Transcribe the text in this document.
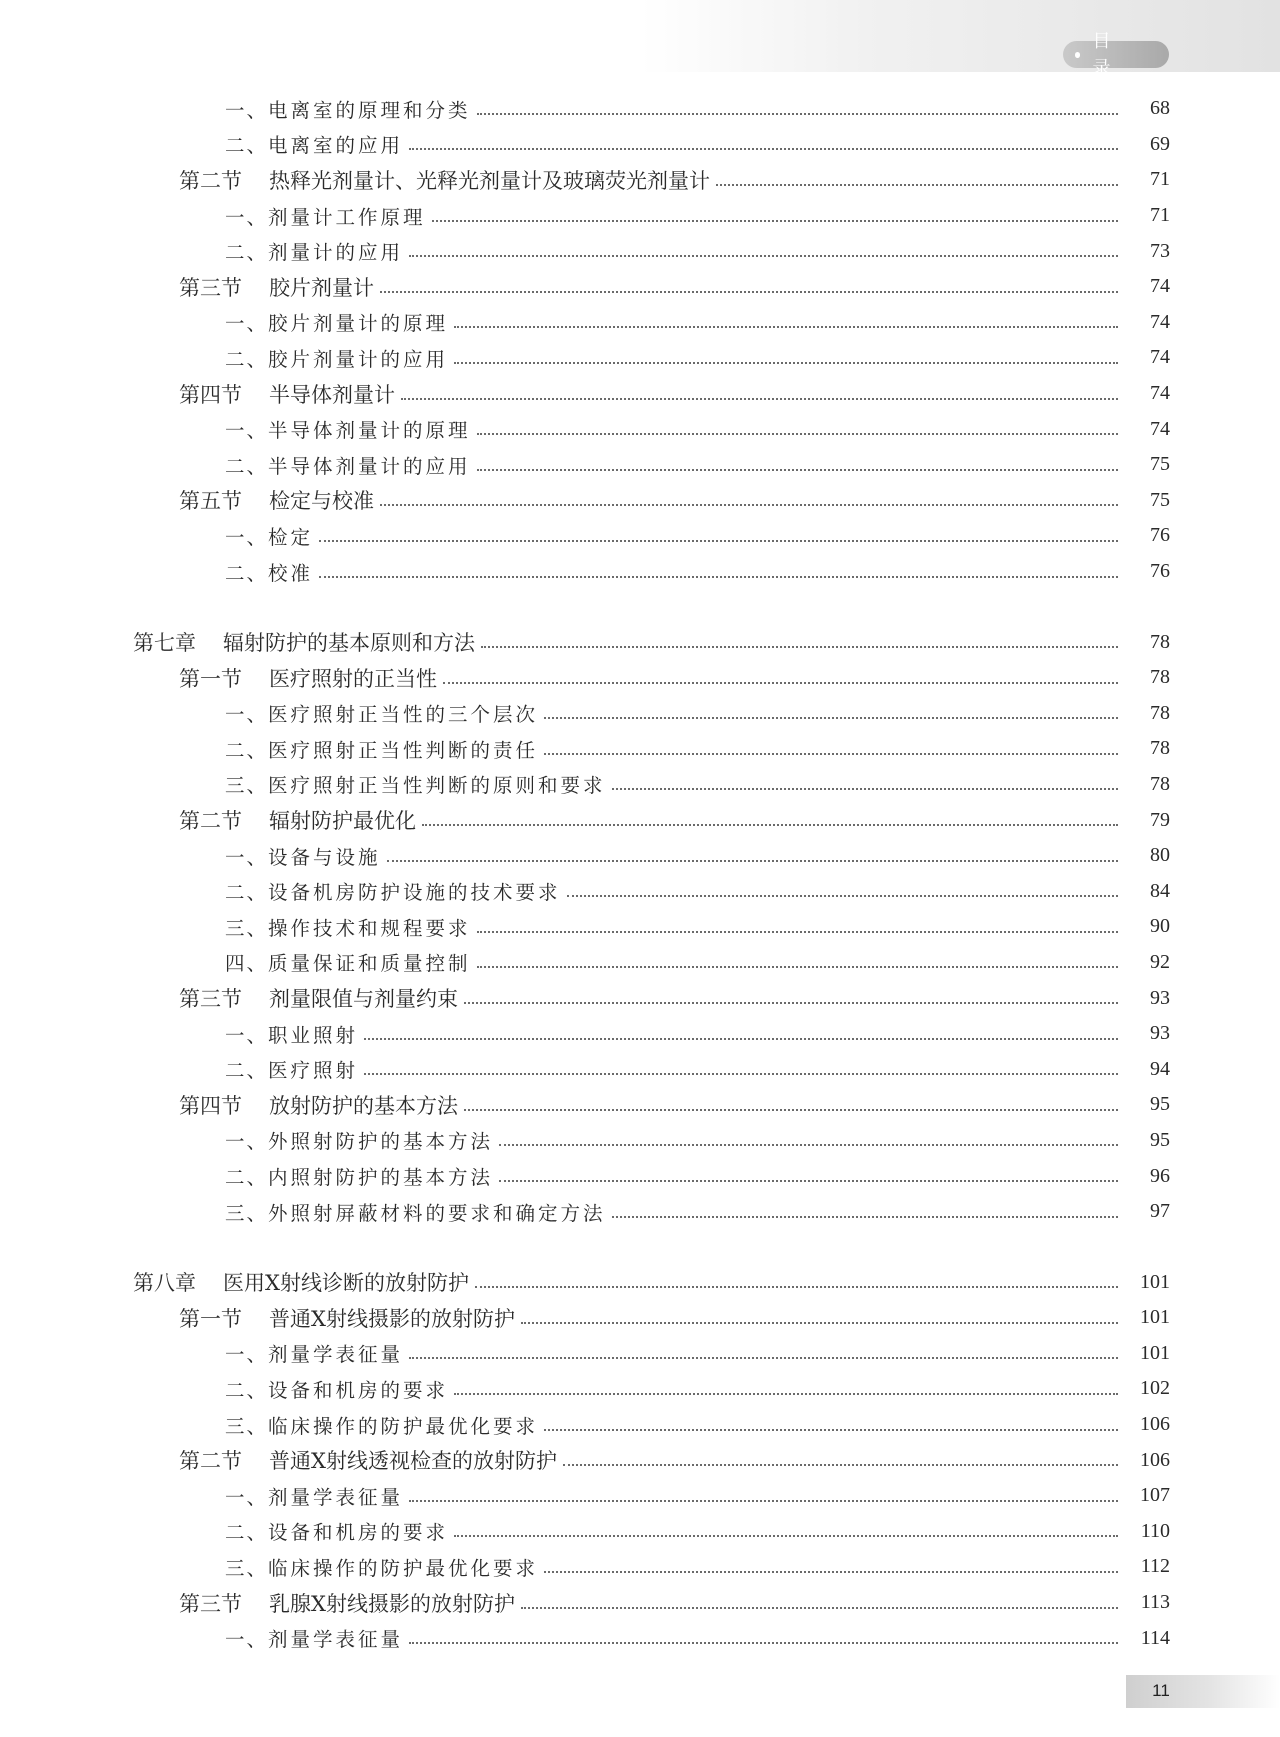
目 录
一、 电离室的原理和分类	68
二、 电离室的应用	69
第二节	热释光剂量计、光释光剂量计及玻璃荧光剂量计	71
一、 剂量计工作原理	71
二、 剂量计的应用	73
第三节	胶片剂量计	74
一、 胶片剂量计的原理	74
二、 胶片剂量计的应用	74
第四节	半导体剂量计	74
一、 半导体剂量计的原理	74
二、 半导体剂量计的应用	75
第五节	检定与校准	75
一、 检定	76
二、 校准	76
第七章	辐射防护的基本原则和方法	78
第一节	医疗照射的正当性	78
一、 医疗照射正当性的三个层次	78
二、 医疗照射正当性判断的责任	78
三、 医疗照射正当性判断的原则和要求	78
第二节	辐射防护最优化	79
一、 设备与设施	80
二、 设备机房防护设施的技术要求	84
三、 操作技术和规程要求	90
四、 质量保证和质量控制	92
第三节	剂量限值与剂量约束	93
一、 职业照射	93
二、 医疗照射	94
第四节	放射防护的基本方法	95
一、 外照射防护的基本方法	95
二、 内照射防护的基本方法	96
三、 外照射屏蔽材料的要求和确定方法	97
第八章	医用X射线诊断的放射防护	101
第一节	普通X射线摄影的放射防护	101
一、 剂量学表征量	101
二、 设备和机房的要求	102
三、 临床操作的防护最优化要求	106
第二节	普通X射线透视检查的放射防护	106
一、 剂量学表征量	107
二、 设备和机房的要求	110
三、 临床操作的防护最优化要求	112
第三节	乳腺X射线摄影的放射防护	113
一、 剂量学表征量	114
11
